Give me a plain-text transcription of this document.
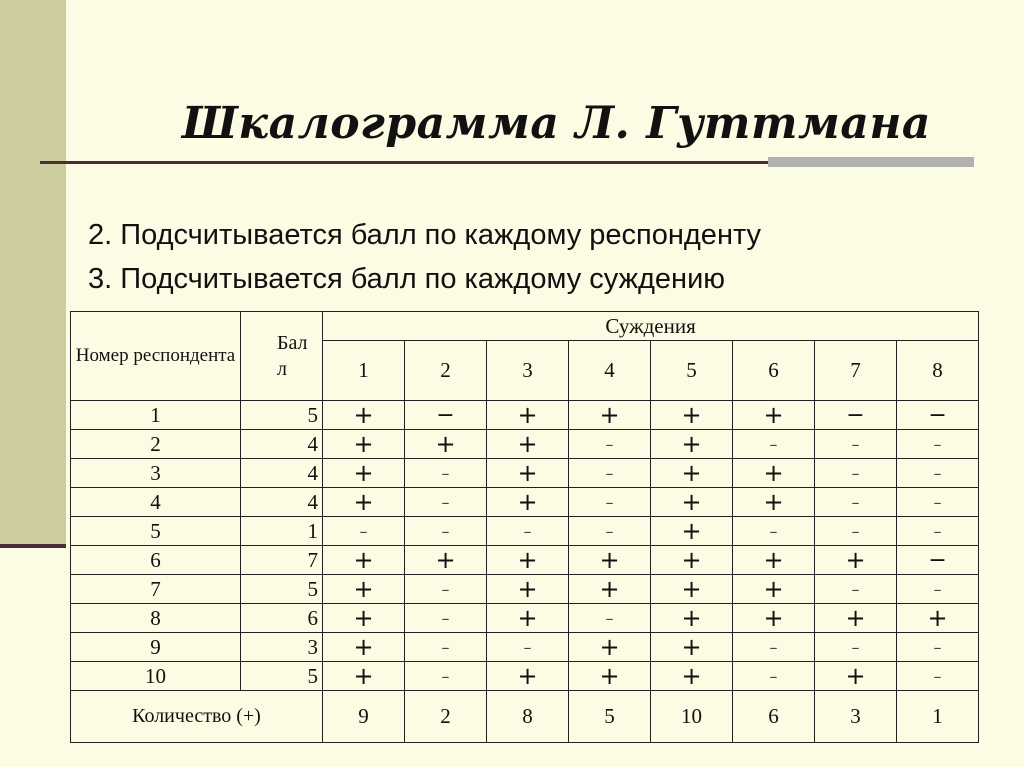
Шкалограмма Л. Гуттмана
2. Подсчитывается балл по каждому респонденту
3. Подсчитывается балл по каждому суждению
Номер респондента	Бал л	Суждения							
		1	2	3	4	5	6	7	8
1	5	+	−	+	+	+	+	−	−
2	4	+	+	+	–	+	–	–	–
3	4	+	–	+	–	+	+	–	–
4	4	+	–	+	–	+	+	–	–
5	1	–	–	–	–	+	–	–	–
6	7	+	+	+	+	+	+	+	−
7	5	+	–	+	+	+	+	–	–
8	6	+	–	+	–	+	+	+	+
9	3	+	–	–	+	+	–	–	–
10	5	+	–	+	+	+	–	+	–
Количество (+)		9	2	8	5	10	6	3	1
